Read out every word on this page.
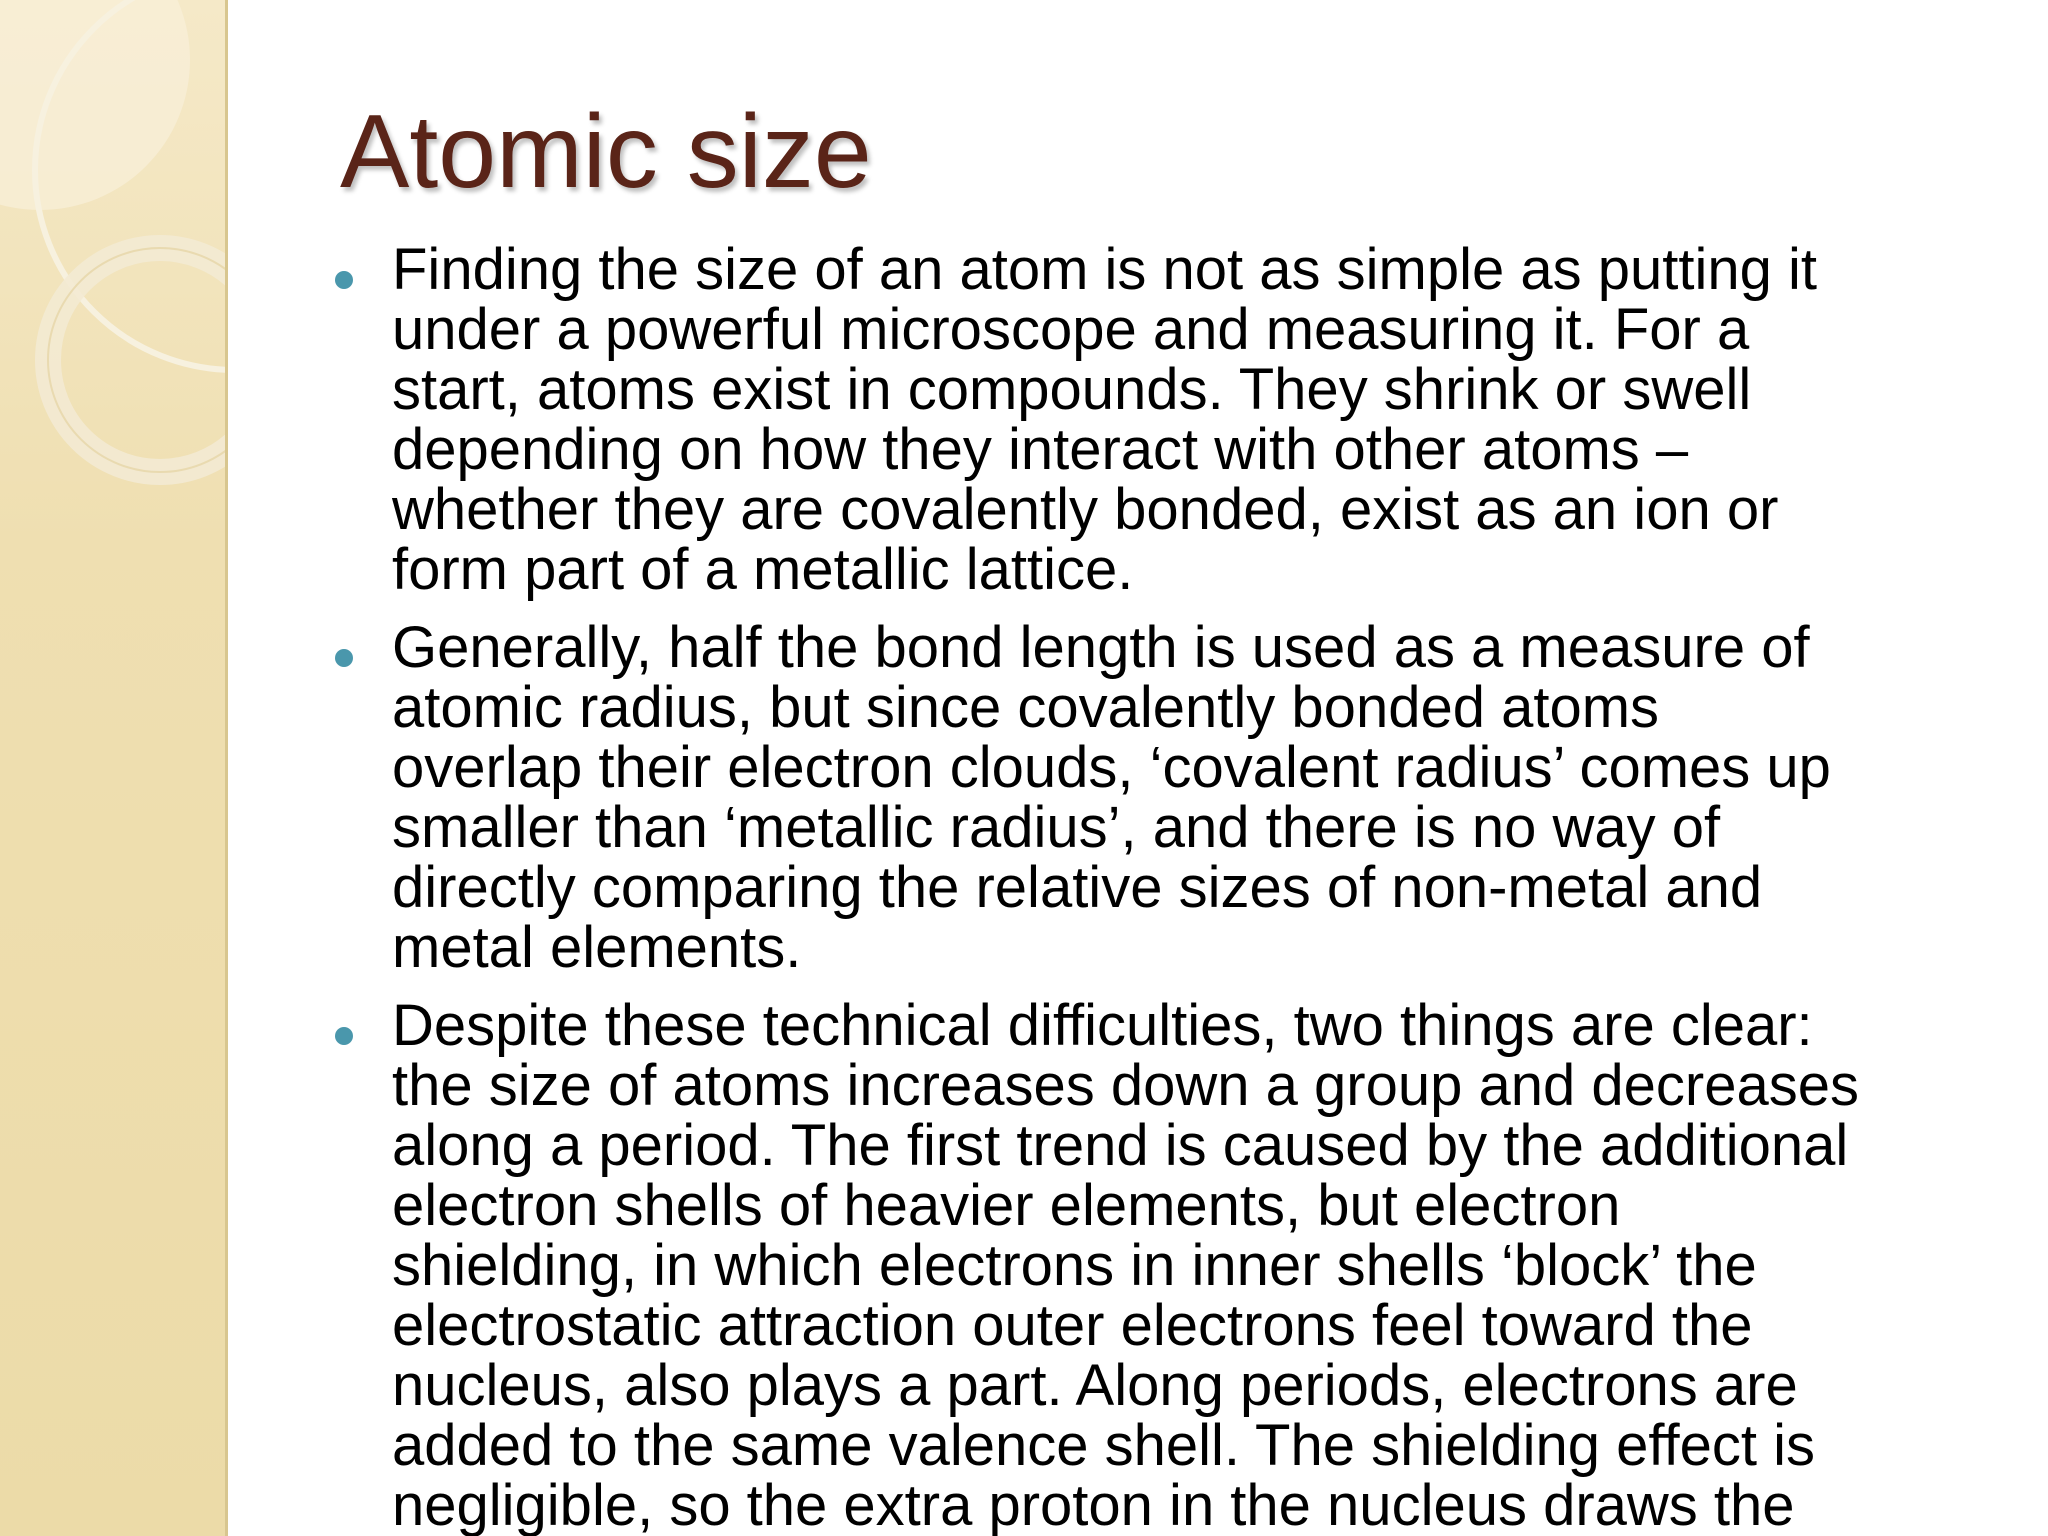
Atomic size
Finding the size of an atom is not as simple as putting it
under a powerful microscope and measuring it. For a
start, atoms exist in compounds. They shrink or swell
depending on how they interact with other atoms –
whether they are covalently bonded, exist as an ion or
form part of a metallic lattice.
Generally, half the bond length is used as a measure of
atomic radius, but since covalently bonded atoms
overlap their electron clouds, ‘covalent radius’ comes up
smaller than ‘metallic radius’, and there is no way of
directly comparing the relative sizes of non-metal and
metal elements.
Despite these technical difficulties, two things are clear:
the size of atoms increases down a group and decreases
along a period. The first trend is caused by the additional
electron shells of heavier elements, but electron
shielding, in which electrons in inner shells ‘block’ the
electrostatic attraction outer electrons feel toward the
nucleus, also plays a part. Along periods, electrons are
added to the same valence shell. The shielding effect is
negligible, so the extra proton in the nucleus draws the
